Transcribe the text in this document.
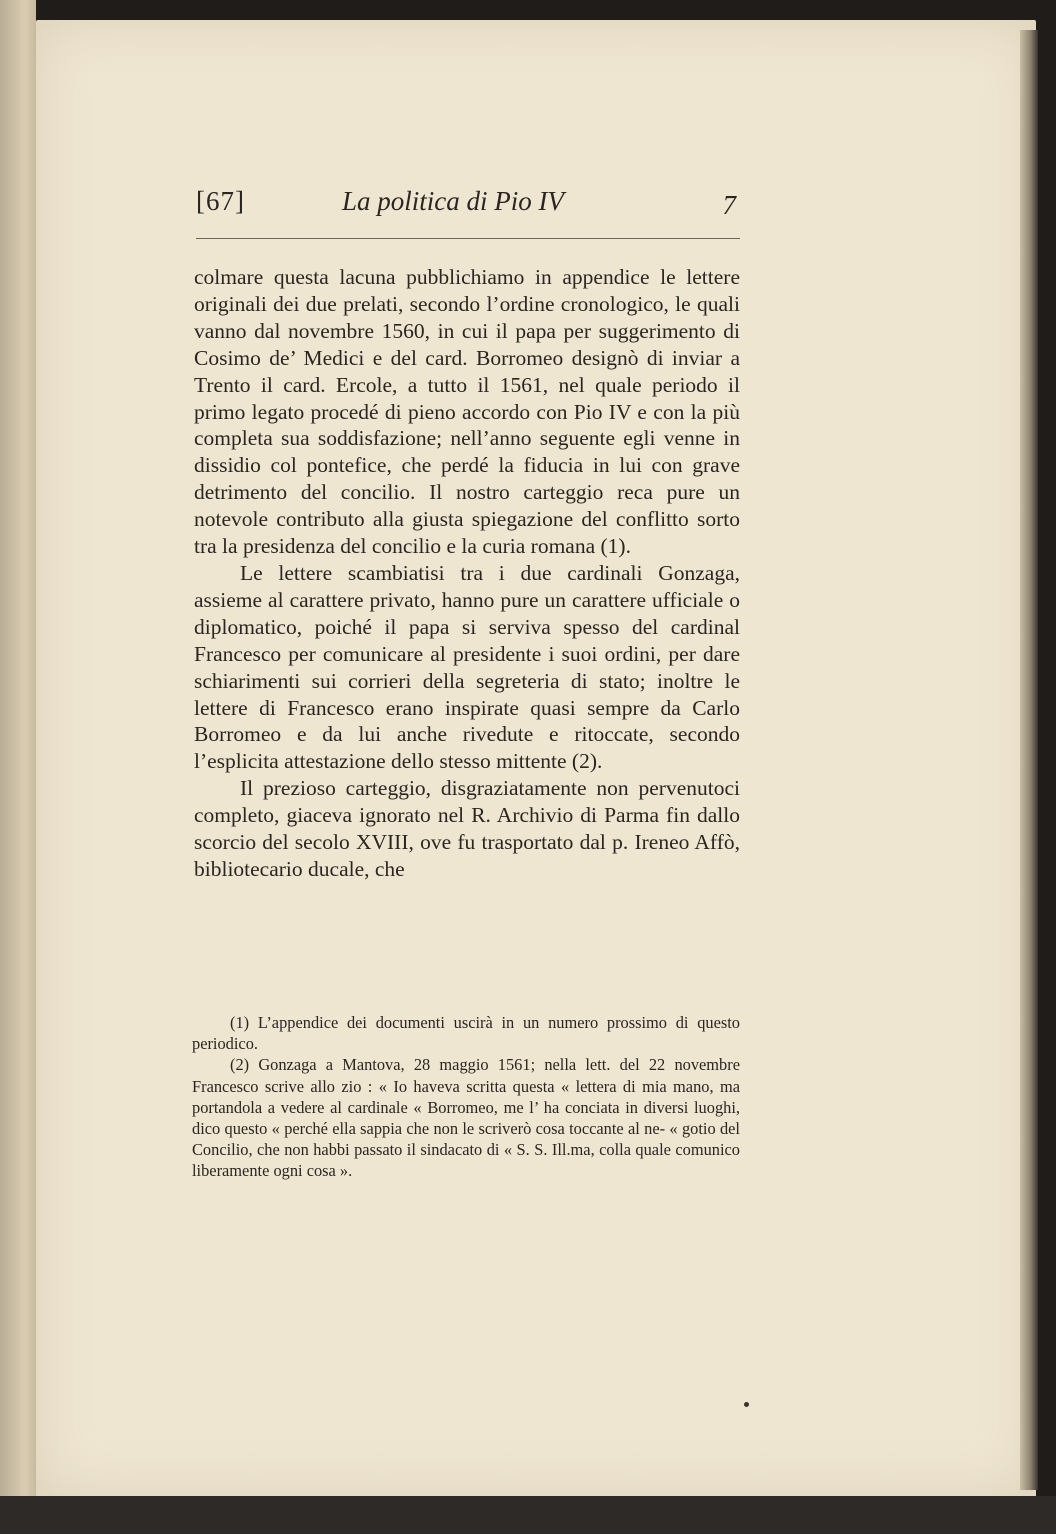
[67]	La politica di Pio IV	7

colmare questa lacuna pubblichiamo in appendice le lettere originali dei due prelati, secondo l’ordine cronologico, le quali vanno dal novembre 1560, in cui il papa per suggerimento di Cosimo de’ Medici e del card. Borromeo designò di inviar a Trento il card. Ercole, a tutto il 1561, nel quale periodo il primo legato procedé di pieno accordo con Pio IV e con la più completa sua soddisfazione; nell’anno seguente egli venne in dissidio col pontefice, che perdé la fiducia in lui con grave detrimento del concilio. Il nostro carteggio reca pure un notevole contributo alla giusta spiegazione del conflitto sorto tra la presidenza del concilio e la curia romana (1).

Le lettere scambiatisi tra i due cardinali Gonzaga, assieme al carattere privato, hanno pure un carattere ufficiale o diplomatico, poiché il papa si serviva spesso del cardinal Francesco per comunicare al presidente i suoi ordini, per dare schiarimenti sui corrieri della segreteria di stato; inoltre le lettere di Francesco erano inspirate quasi sempre da Carlo Borromeo e da lui anche rivedute e ritoccate, secondo l’esplicita attestazione dello stesso mittente (2).

Il prezioso carteggio, disgraziatamente non pervenutoci completo, giaceva ignorato nel R. Archivio di Parma fin dallo scorcio del secolo XVIII, ove fu trasportato dal p. Ireneo Affò, bibliotecario ducale, che

(1) L’appendice dei documenti uscirà in un numero prossimo di questo periodico.

(2) Gonzaga a Mantova, 28 maggio 1561; nella lett. del 22 novembre Francesco scrive allo zio : « Io haveva scritta questa « lettera di mia mano, ma portandola a vedere al cardinale « Borromeo, me l’ ha conciata in diversi luoghi, dico questo « perché ella sappia che non le scriverò cosa toccante al ne- « gotio del Concilio, che non habbi passato il sindacato di « S. S. Ill.ma, colla quale comunico liberamente ogni cosa ».
